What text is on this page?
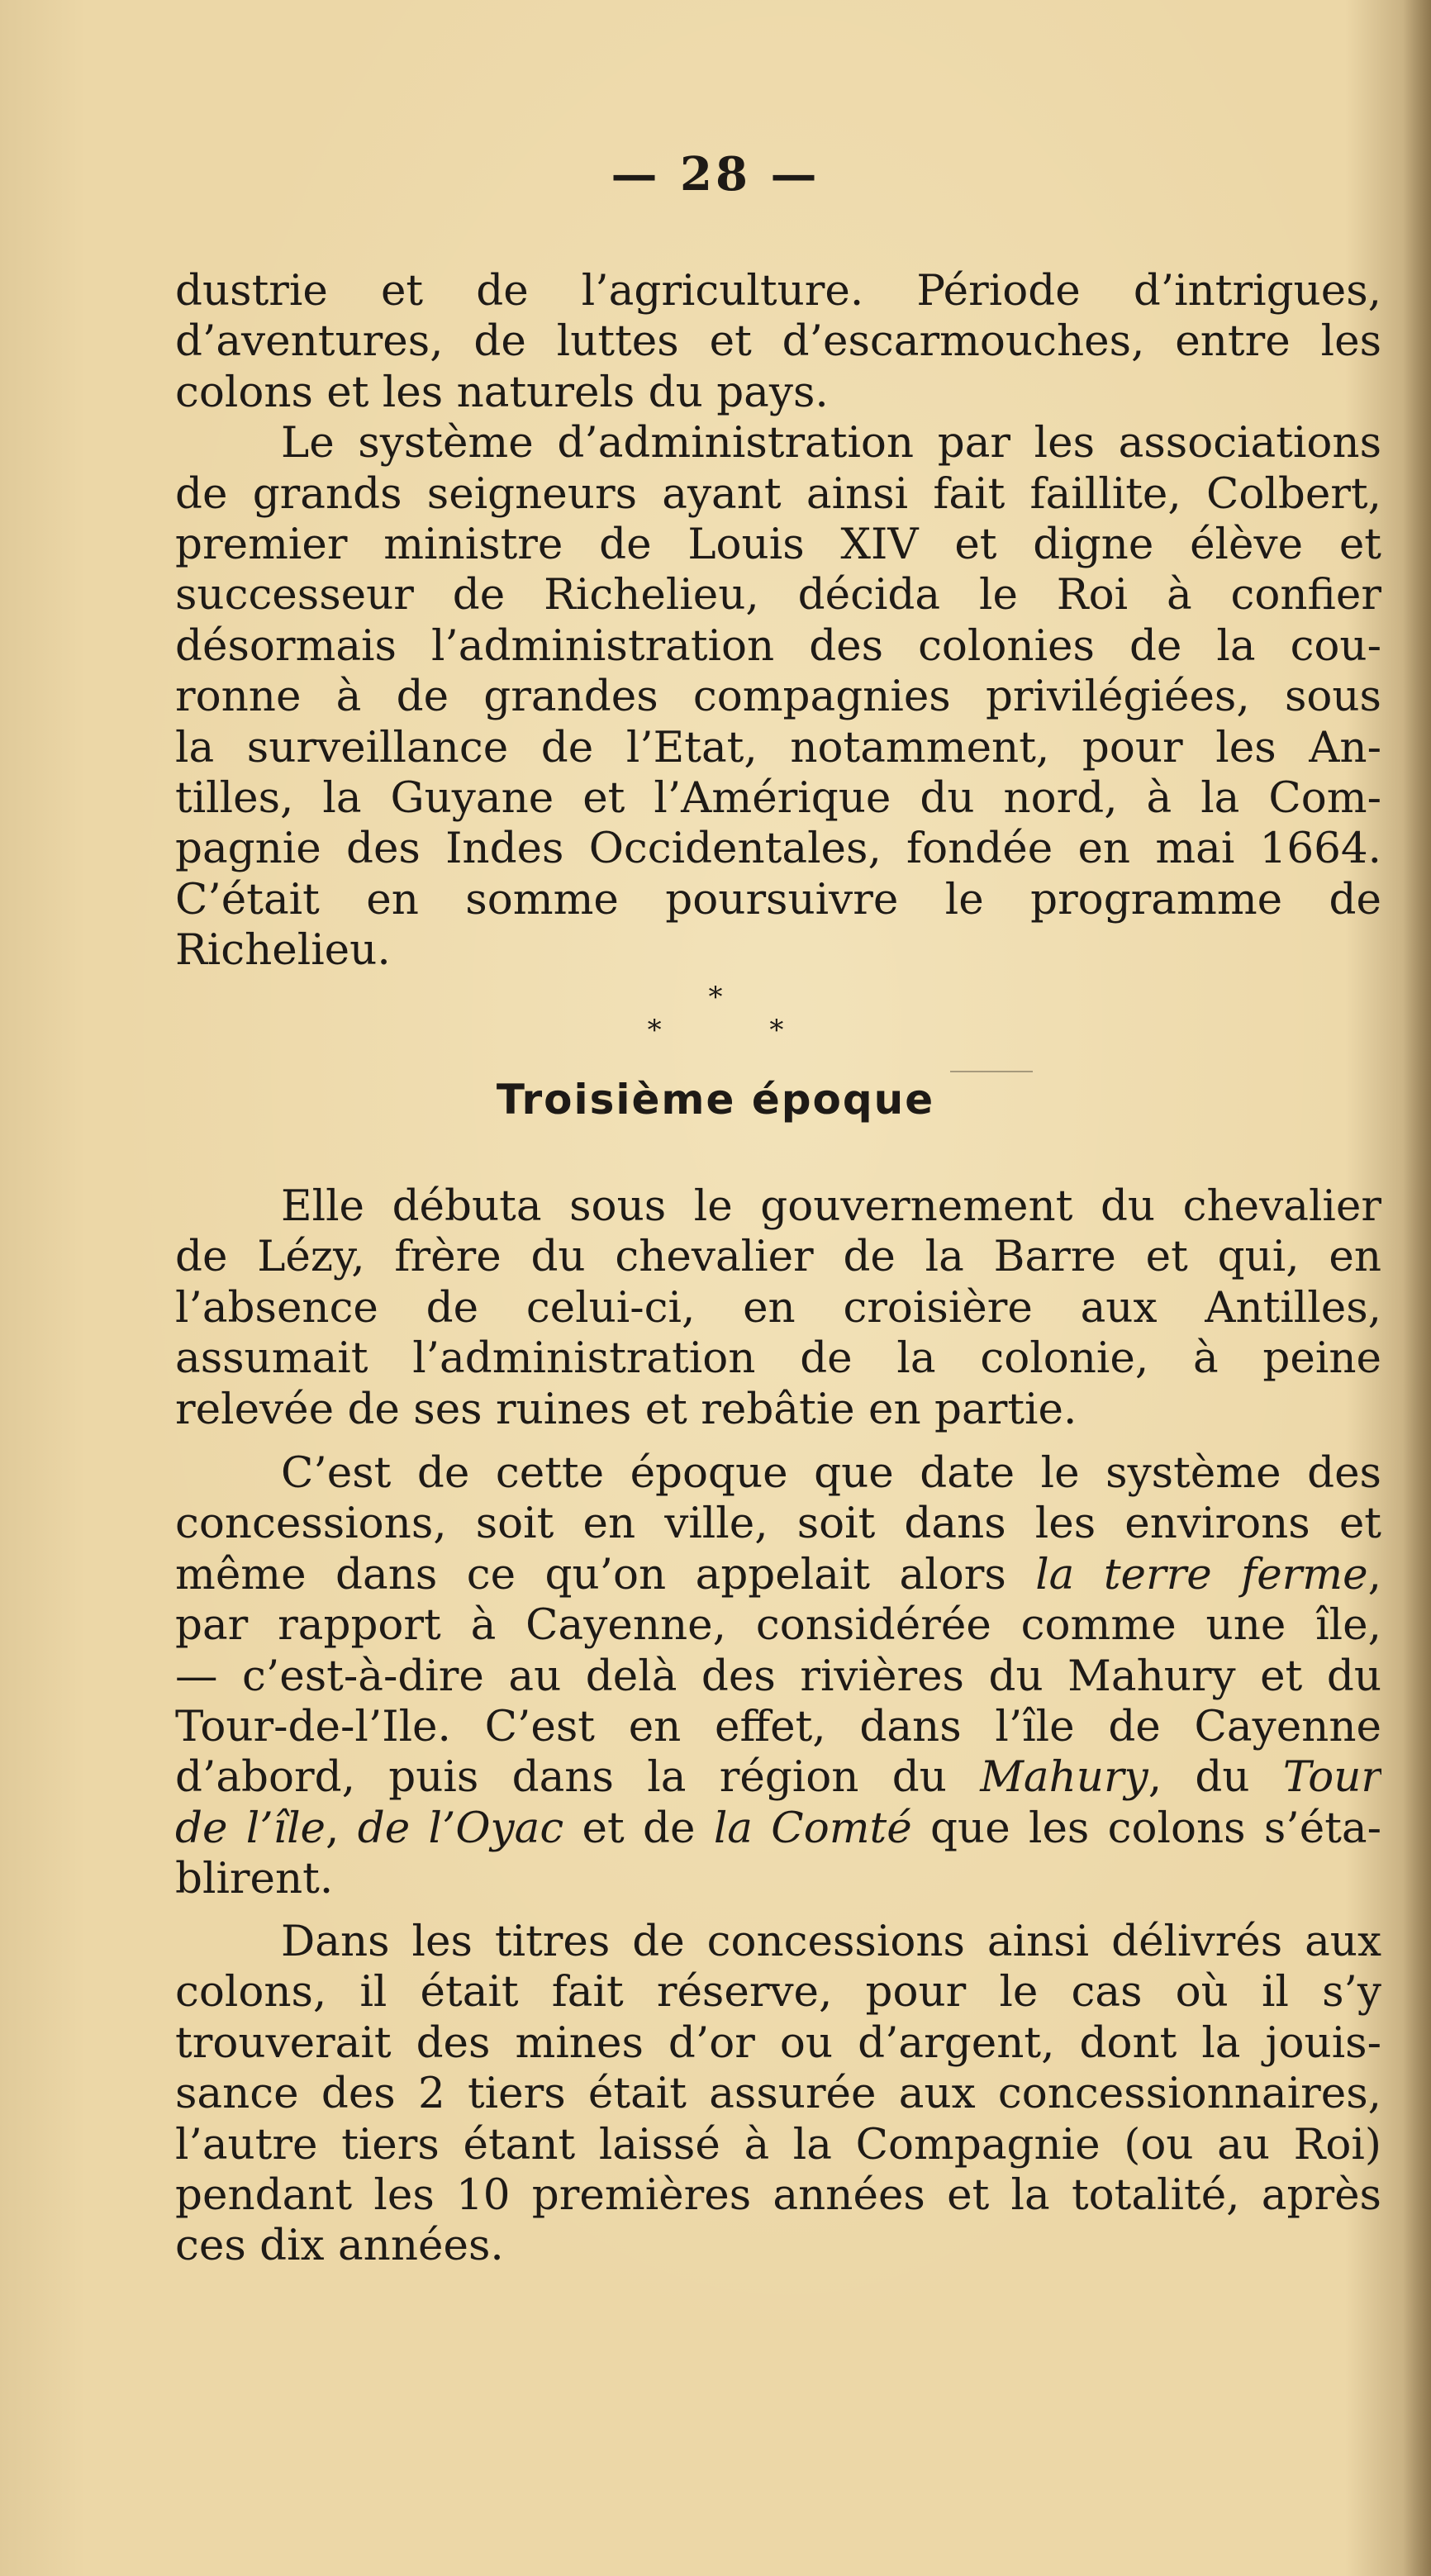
— 28 —
dustrie et de l’agriculture. Période d’intrigues,
d’aventures, de luttes et d’escarmouches, entre les
colons et les naturels du pays.
Le système d’administration par les associations
de grands seigneurs ayant ainsi fait faillite, Colbert,
premier ministre de Louis XIV et digne élève et
successeur de Richelieu, décida le Roi à confier
désormais l’administration des colonies de la cou-
ronne à de grandes compagnies privilégiées, sous
la surveillance de l’Etat, notamment, pour les An-
tilles, la Guyane et l’Amérique du nord, à la Com-
pagnie des Indes Occidentales, fondée en mai 1664.
C’était en somme poursuivre le programme de
Richelieu.
*
* *
Troisième époque
Elle débuta sous le gouvernement du chevalier
de Lézy, frère du chevalier de la Barre et qui, en
l’absence de celui-ci, en croisière aux Antilles,
assumait l’administration de la colonie, à peine
relevée de ses ruines et rebâtie en partie.
C’est de cette époque que date le système des
concessions, soit en ville, soit dans les environs et
même dans ce qu’on appelait alors la terre ferme,
par rapport à Cayenne, considérée comme une île,
— c’est-à-dire au delà des rivières du Mahury et du
Tour-de-l’Ile. C’est en effet, dans l’île de Cayenne
d’abord, puis dans la région du Mahury, du Tour
de l’île, de l’Oyac et de la Comté que les colons s’éta-
blirent.
Dans les titres de concessions ainsi délivrés aux
colons, il était fait réserve, pour le cas où il s’y
trouverait des mines d’or ou d’argent, dont la jouis-
sance des 2 tiers était assurée aux concessionnaires,
l’autre tiers étant laissé à la Compagnie (ou au Roi)
pendant les 10 premières années et la totalité, après
ces dix années.
